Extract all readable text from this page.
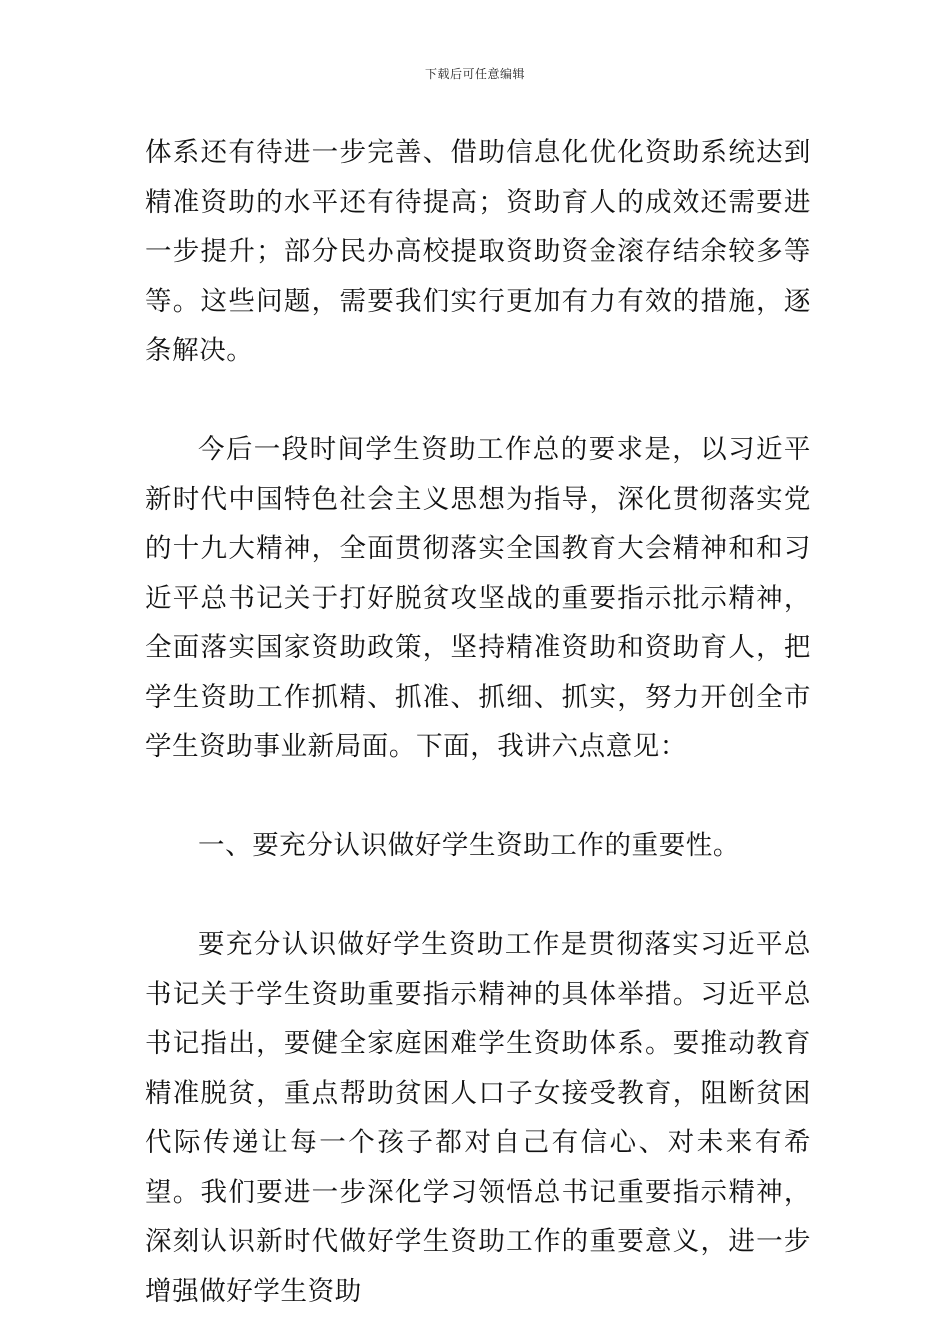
下载后可任意编辑

体系还有待进一步完善、借助信息化优化资助系统达到精准资助的水平还有待提高；资助育人的成效还需要进一步提升；部分民办高校提取资助资金滚存结余较多等等。这些问题，需要我们实行更加有力有效的措施，逐条解决。

今后一段时间学生资助工作总的要求是，以习近平新时代中国特色社会主义思想为指导，深化贯彻落实党的十九大精神，全面贯彻落实全国教育大会精神和和习近平总书记关于打好脱贫攻坚战的重要指示批示精神，全面落实国家资助政策，坚持精准资助和资助育人，把学生资助工作抓精、抓准、抓细、抓实，努力开创全市学生资助事业新局面。下面，我讲六点意见：

一、要充分认识做好学生资助工作的重要性。

要充分认识做好学生资助工作是贯彻落实习近平总书记关于学生资助重要指示精神的具体举措。习近平总书记指出，要健全家庭困难学生资助体系。要推动教育精准脱贫，重点帮助贫困人口子女接受教育，阻断贫困代际传递让每一个孩子都对自己有信心、对未来有希望。我们要进一步深化学习领悟总书记重要指示精神，深刻认识新时代做好学生资助工作的重要意义，进一步增强做好学生资助
